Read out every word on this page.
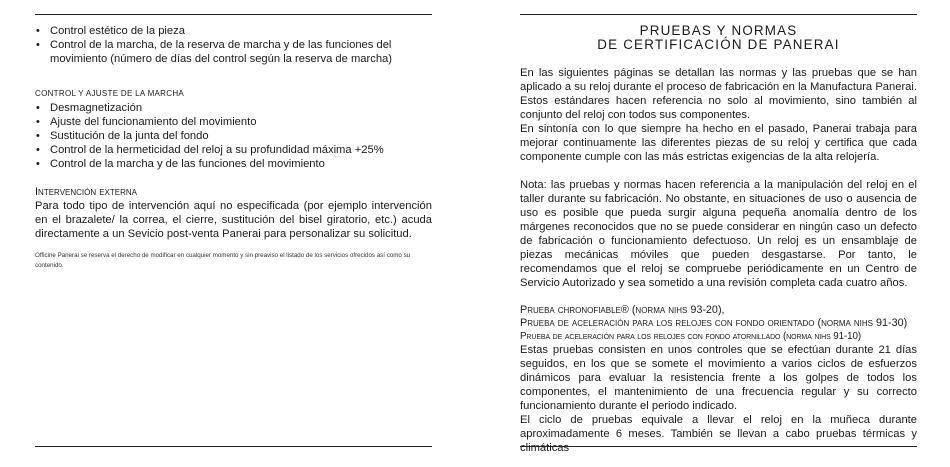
• Control estético de la pieza
• Control de la marcha, de la reserva de marcha y de las funciones del movimiento (número de días del control según la reserva de marcha)
CONTROL Y AJUSTE DE LA MARCHA
• Desmagnetización
• Ajuste del funcionamiento del movimiento
• Sustitución de la junta del fondo
• Control de la hermeticidad del reloj a su profundidad máxima +25%
• Control de la marcha y de las funciones del movimiento
Intervención externa
Para todo tipo de intervención aquí no especificada (por ejemplo intervención en el brazalete/ la correa, el cierre, sustitución del bisel giratorio, etc.) acuda directamente a un Sevicio post-venta Panerai para personalizar su solicitud.
Officine Panerai se reserva el derecho de modificar en cualquier momento y sin preaviso el listado de los servicios ofrecidos así como su contenido.
PRUEBAS Y NORMAS
DE CERTIFICACIÓN DE PANERAI
En las siguientes páginas se detallan las normas y las pruebas que se han aplicado a su reloj durante el proceso de fabricación en la Manufactura Panerai. Estos estándares hacen referencia no solo al movimiento, sino también al conjunto del reloj con todos sus componentes.
En sintonía con lo que siempre ha hecho en el pasado, Panerai trabaja para mejorar continuamente las diferentes piezas de su reloj y certifica que cada componente cumple con las más estrictas exigencias de la alta relojería.
Nota: las pruebas y normas hacen referencia a la manipulación del reloj en el taller durante su fabricación. No obstante, en situaciones de uso o ausencia de uso es posible que pueda surgir alguna pequeña anomalía dentro de los márgenes reconocidos que no se puede considerar en ningún caso un defecto de fabricación o funcionamiento defectuoso. Un reloj es un ensamblaje de piezas mecánicas móviles que pueden desgastarse. Por tanto, le recomendamos que el reloj se compruebe periódicamente en un Centro de Servicio Autorizado y sea sometido a una revisión completa cada cuatro años.
Prueba chronofiable® (norma nihs 93-20),
Prueba de aceleración para los relojes con fondo orientado (norma nihs 91-30)
Prueba de aceleración para los relojes con fondo atornillado (norma nihs 91-10)
Estas pruebas consisten en unos controles que se efectúan durante 21 días seguidos, en los que se somete el movimiento a varios ciclos de esfuerzos dinámicos para evaluar la resistencia frente a los golpes de todos los componentes, el mantenimiento de una frecuencia regular y su correcto funcionamiento durante el periodo indicado.
El ciclo de pruebas equivale a llevar el reloj en la muñeca durante aproximadamente 6 meses. También se llevan a cabo pruebas térmicas y climáticas
